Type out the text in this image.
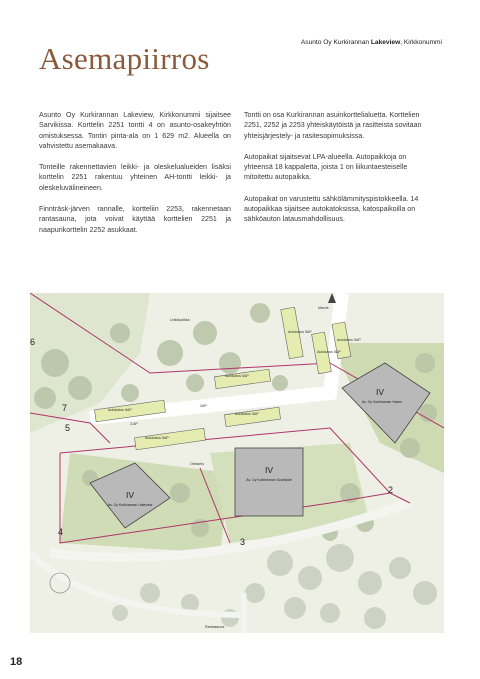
Asunto Oy Kurkirannan Lakeview, Kirkkonummi
Asemapiirros

Asunto Oy Kurkirannan Lakeview, Kirkkonummi sijaitsee Sarvikissa. Korttelin 2251 tontti 4 on asunto-osakeyhtiön omistuksessa. Tontin pinta-ala on 1 629 m2. Alueella on vahvistettu asemakaava.

Tonteille rakennettavien leikki- ja oleskelualueiden lisäksi korttelin 2251 rakentuu yhteinen AH-tontti leikki- ja oleskeluvälineineen.

Finnträsk-järven rannalle, kortteliin 2253, rakennetaan rantasauna, jota voivat käyttää korttelien 2251 ja naapurikorttelin 2252 asukkaat.

Tontti on osa Kurkirannan asuinkorttelialuetta. Korttelien 2251, 2252 ja 2253 yhteiskäytöistä ja rasitteista sovitaan yhteisjärjestely- ja rasitesopimuksissa.

Autopaikat sijaitsevat LPA-alueella. Autopaikkoja on yhteensä 18 kappaletta, joista 1 on liikuntaesteiselle mitoitettu autopaikka.

Autopaikat on varustettu sähkölämmityspistokkeella. 14 autopaikkaa sijaitsee autokatoksissa, katospaikoilla on sähköauton latausmahdollisuus.

6
7
5
4
3
2
IV
IV
IV
As. Oy Kurkirannan Lakeview
As. Oy Kurkirannan Southside
As. Oy Kurkirannan Haven
Autokatos 5AP
Autokatos 5AP
Autokatos 5AP
Autokatos 5AP
Autokatos 5AP
Autokatos 5AP
Autokatos 5AP
3 AP
2AP
Leikkipaikka
Oleskelu
Rantasauna
Marvis
18
